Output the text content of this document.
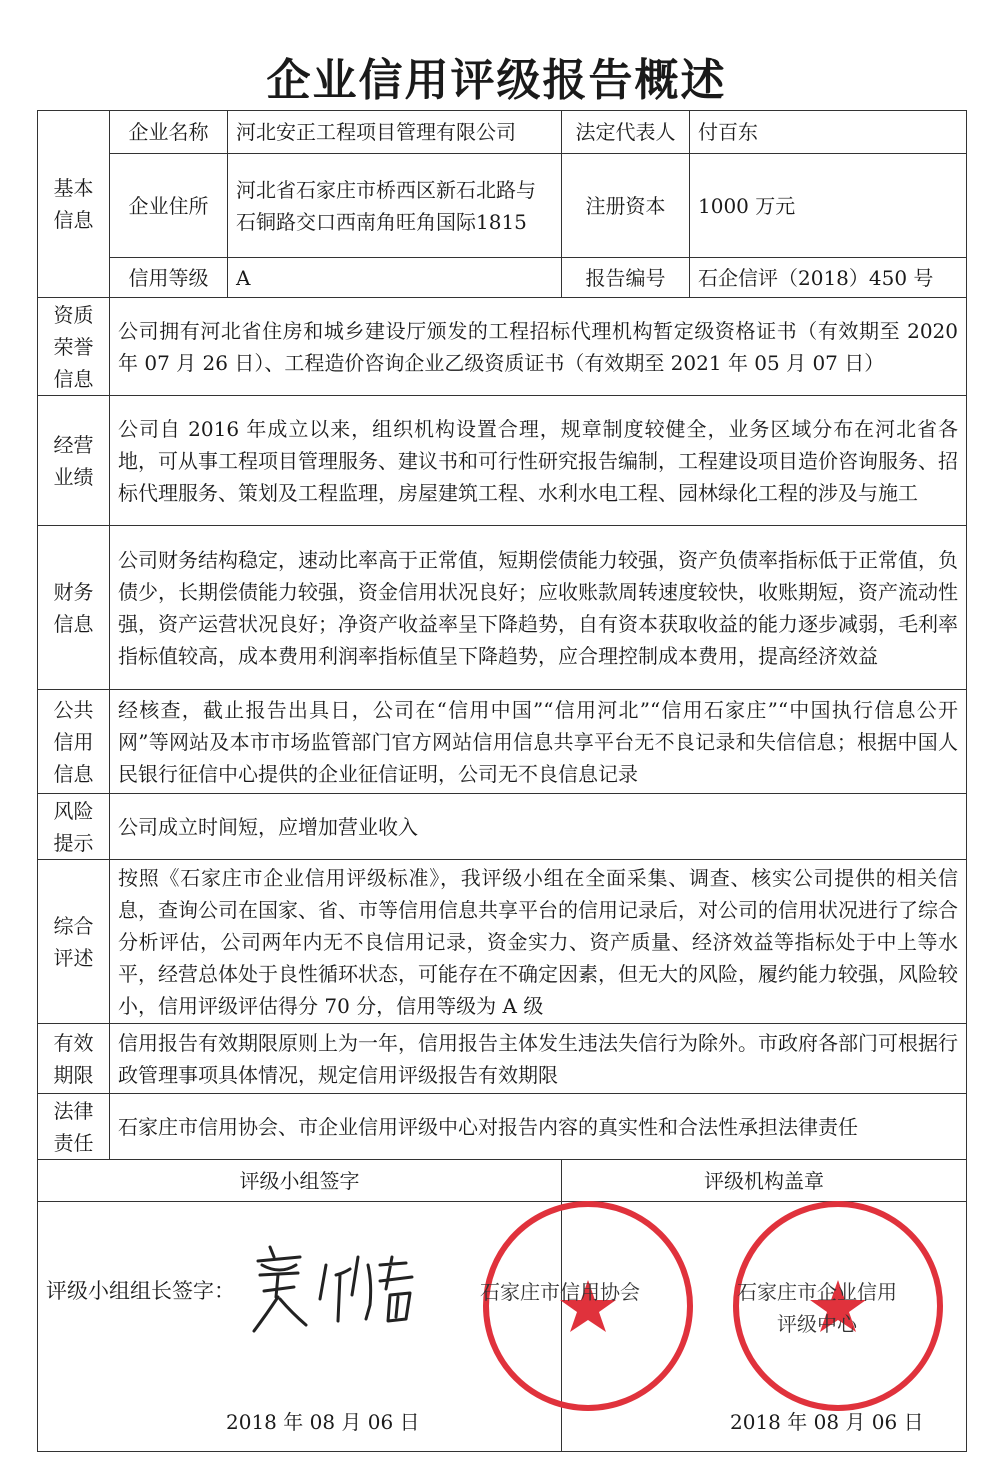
企业信用评级报告概述
基本信息	企业名称	河北安正工程项目管理有限公司	法定代表人	付百东
	企业住所	河北省石家庄市桥西区新石北路与石铜路交口西南角旺角国际1815	注册资本	1000 万元
	信用等级	A	报告编号	石企信评（2018）450 号
资质荣誉信息	公司拥有河北省住房和城乡建设厅颁发的工程招标代理机构暂定级资格证书（有效期至 2020 年 07 月 26 日）、工程造价咨询企业乙级资质证书（有效期至 2021 年 05 月 07 日）			
经营业绩	公司自 2016 年成立以来，组织机构设置合理，规章制度较健全，业务区域分布在河北省各地，可从事工程项目管理服务、建议书和可行性研究报告编制，工程建设项目造价咨询服务、招标代理服务、策划及工程监理，房屋建筑工程、水利水电工程、园林绿化工程的涉及与施工			
财务信息	公司财务结构稳定，速动比率高于正常值，短期偿债能力较强，资产负债率指标低于正常值，负债少，长期偿债能力较强，资金信用状况良好；应收账款周转速度较快，收账期短，资产流动性强，资产运营状况良好；净资产收益率呈下降趋势，自有资本获取收益的能力逐步减弱，毛利率指标值较高，成本费用利润率指标值呈下降趋势，应合理控制成本费用，提高经济效益			
公共信用信息	经核查，截止报告出具日，公司在“信用中国”“信用河北”“信用石家庄”“中国执行信息公开网”等网站及本市市场监管部门官方网站信用信息共享平台无不良记录和失信信息；根据中国人民银行征信中心提供的企业征信证明，公司无不良信息记录			
风险提示	公司成立时间短，应增加营业收入			
综合评述	按照《石家庄市企业信用评级标准》，我评级小组在全面采集、调查、核实公司提供的相关信息，查询公司在国家、省、市等信用信息共享平台的信用记录后，对公司的信用状况进行了综合分析评估，公司两年内无不良信用记录，资金实力、资产质量、经济效益等指标处于中上等水平，经营总体处于良性循环状态，可能存在不确定因素，但无大的风险，履约能力较强，风险较小，信用评级评估得分 70 分，信用等级为 A 级			
有效期限	信用报告有效期限原则上为一年，信用报告主体发生违法失信行为除外。市政府各部门可根据行政管理事项具体情况，规定信用评级报告有效期限			
法律责任	石家庄市信用协会、市企业信用评级中心对报告内容的真实性和合法性承担法律责任			
评级小组签字			评级机构盖章	

评级小组组长签字：
2018 年 08 月 06 日
石家庄市信用协会	石家庄市企业信用评级中心
2018 年 08 月 06 日
